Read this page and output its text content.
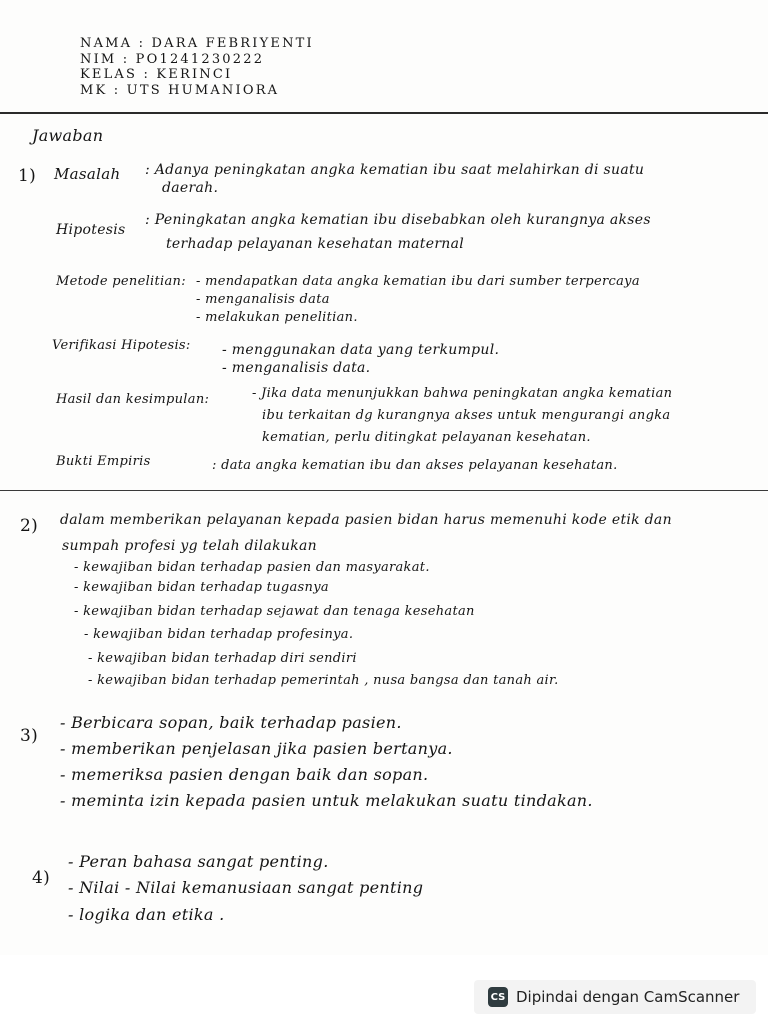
NAMA : DARA FEBRIYENTI
NIM : PO1241230222
KELAS : KERINCI
MK : UTS HUMANIORA
Jawaban
1) Masalah : Adanya peningkatan angka kematian ibu saat melahirkan di suatu
daerah.
Hipotesis
: Peningkatan angka kematian ibu disebabkan oleh kurangnya akses
terhadap pelayanan kesehatan maternal
Metode penelitian: - mendapatkan data angka kematian ibu dari sumber terpercaya
- menganalisis data
- melakukan penelitian.
Verifikasi Hipotesis: - menggunakan data yang terkumpul.
- menganalisis data.
Hasil dan kesimpulan:	- Jika data menunjukkan bahwa peningkatan angka kematian
ibu terkaitan dg kurangnya akses untuk mengurangi angka
kematian, perlu ditingkat pelayanan kesehatan.
Bukti Empiris	: data angka kematian ibu dan akses pelayanan kesehatan.
2) dalam memberikan pelayanan kepada pasien bidan harus memenuhi kode etik dan
sumpah profesi yg telah dilakukan
- kewajiban bidan terhadap pasien dan masyarakat.
- kewajiban bidan terhadap tugasnya
- kewajiban bidan terhadap sejawat dan tenaga kesehatan
- kewajiban bidan terhadap profesinya.
- kewajiban bidan terhadap diri sendiri
- kewajiban bidan terhadap pemerintah , nusa bangsa dan tanah air.
3)
- Berbicara sopan, baik terhadap pasien.
- memberikan penjelasan jika pasien bertanya.
- memeriksa pasien dengan baik dan sopan.
- meminta izin kepada pasien untuk melakukan suatu tindakan.
4)
- Peran bahasa sangat penting.
- Nilai - Nilai kemanusiaan sangat penting
- logika dan etika .
CS Dipindai dengan CamScanner
